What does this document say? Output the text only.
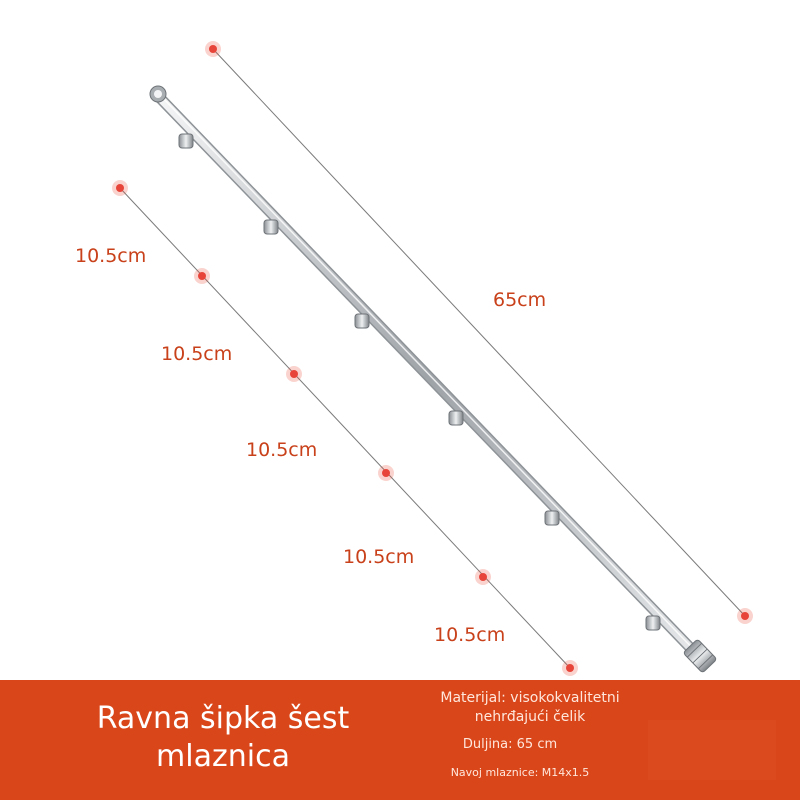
65cm
10.5cm
10.5cm
10.5cm
10.5cm
10.5cm
Ravna šipka šest mlaznica
Materijal: visokokvalitetni nehrđajući čelik
Duljina: 65 cm
Navoj mlaznice: M14x1.5
